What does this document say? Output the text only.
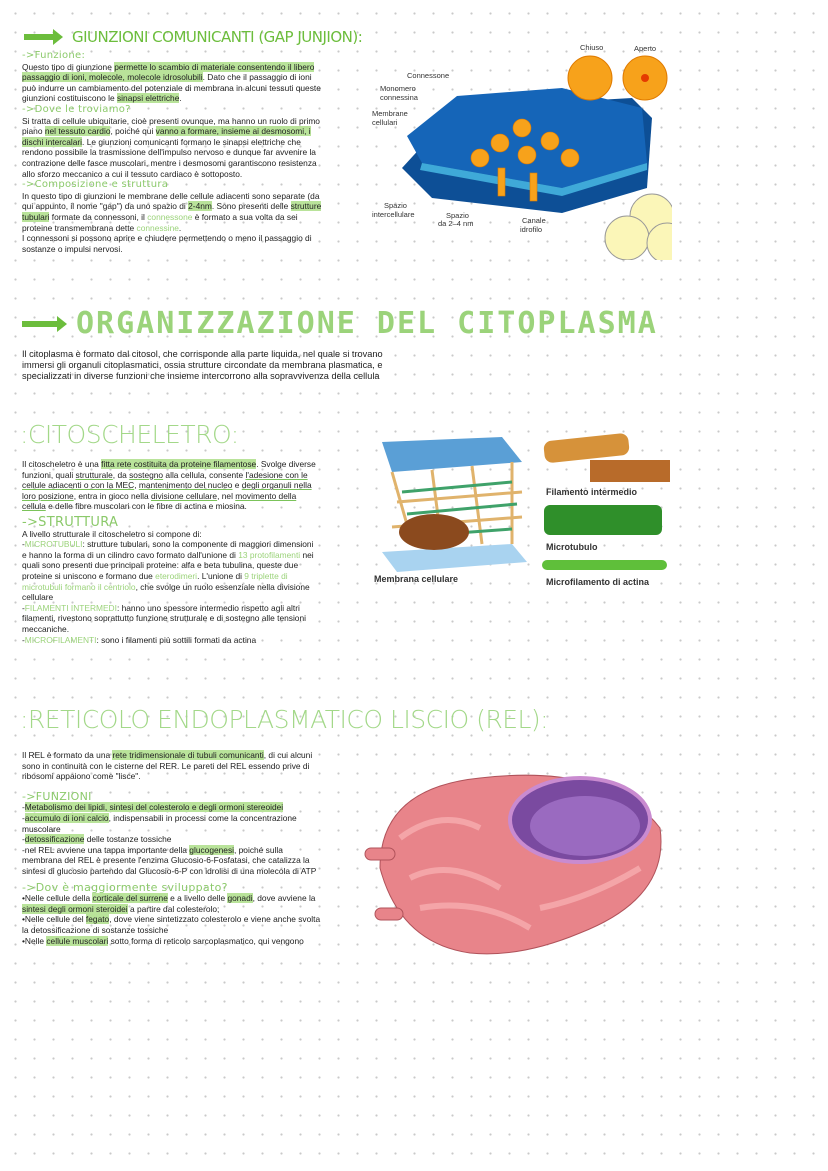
GIUNZIONI COMUNICANTI (GAP JUNJION):
->Funzione:

Questo tipo di giunzione permette lo scambio di materiale consentendo il libero passaggio di ioni, molecole, molecole idrosolubili. Dato che il passaggio di ioni può indurre un cambiamento del potenziale di membrana in alcuni tessuti queste giunzioni costituiscono le sinapsi elettriche.

->Dove le troviamo?

Si tratta di cellule ubiquitarie, cioè presenti ovunque, ma hanno un ruolo di primo piano nel tessuto cardio, poiché qui vanno a formare, insieme ai desmosomi, i dischi intercalari. Le giunzioni comunicanti formano le sinapsi elettriche che rendono possibile la trasmissione dell'impulso nervoso e dunque far avvenire la contrazione delle fasce muscolari, mentre i desmosomi garantiscono resistenza allo sforzo meccanico a cui il tessuto cardiaco è sottoposto.

->Composizione e struttura

In questo tipo di giunzioni le membrane delle cellule adiacenti sono separate (da qui appunto, il nome "gap") da uno spazio di 2-4nm. Sono presenti delle strutture tubulari formate da connessoni, il connessone è formato a sua volta da sei proteine transmembrana dette connessine.

I connessoni si possono aprire e chiudere permettendo o meno il passaggio di sostanze o impulsi nervosi.

Chiuso	Aperto
Connessone
Monomero
connessina
Membrane
cellulari
Spazio
intercellulare	Spazio
da 2–4 nm	Canale
idrofilo
ORGANIZZAZIONE DEL CITOPLASMA
Il citoplasma è formato dal citosol, che corrisponde alla parte liquida, nel quale si trovano immersi gli organuli citoplasmatici, ossia strutture circondate da membrana plasmatica, e specializzati in diverse funzioni che insieme intercorrono alla sopravvivenza della cellula
:CITOSCHELETRO:

Il citoscheletro è una fitta rete costituita da proteine filamentose. Svolge diverse funzioni, quali strutturale, da sostegno alla cellula, consente l'adesione con le cellule adiacenti o con la MEC, mantenimento del nucleo e degli organuli nella loro posizione, entra in gioco nella divisione cellulare, nel movimento della cellula e delle fibre muscolari con le fibre di actina e miosina.

->STRUTTURA

A livello strutturale il citoscheletro si compone di:

-MICROTUBULI: strutture tubulari, sono la componente di maggiori dimensioni e hanno la forma di un cilindro cavo formato dall'unione di 13 protofilamenti nei quali sono presenti due principali proteine: alfa e beta tubulina, queste due proteine si uniscono e formano due eterodimeri. L'unione di 9 triplette di microtubuli formano il centriolo, che svolge un ruolo essenziale nella divisione cellulare

-FILAMENTI INTERMEDI: hanno uno spessore intermedio rispetto agli altri filamenti, rivestono soprattutto funzione strutturale e di sostegno alle tensioni meccaniche.

-MICROFILAMENTI: sono i filamenti più sottili formati da actina

Filamento intermedio
Microtubulo
Microfilamento di actina
Membrana cellulare
:RETICOLO ENDOPLASMATICO LISCIO (REL):

Il REL è formato da una rete tridimensionale di tubuli comunicanti, di cui alcuni sono in continuità con le cisterne del RER. Le pareti del REL essendo prive di ribosomi appaiono come "lisce".

->FUNZIONI

-Metabolismo dei lipidi, sintesi del colesterolo e degli ormoni stereoidei

-accumulo di ioni calcio, indispensabili in processi come la concentrazione muscolare

-detossificazione delle tostanze tossiche

-nel REL avviene una tappa importante della glucogenesi, poiché sulla membrana del REL è presente l'enzima Glucosio-6-Fosfatasi, che catalizza la sintesi di glucosio partendo dal Glucosio-6-P con idrolisi di una molecola di ATP

->Dov è maggiormente sviluppato?

•Nelle cellule della corticale del surrene e a livello delle gonadi, dove avviene la sintesi degli ormoni steroidei a partire dal colesterolo;

•Nelle cellule del fegato, dove viene sintetizzato colesterolo e viene anche svolta la detossificazione di sostanze tossiche

•Nelle cellule muscolari sotto forma di reticolo sarcoplasmatico, qui vengono
